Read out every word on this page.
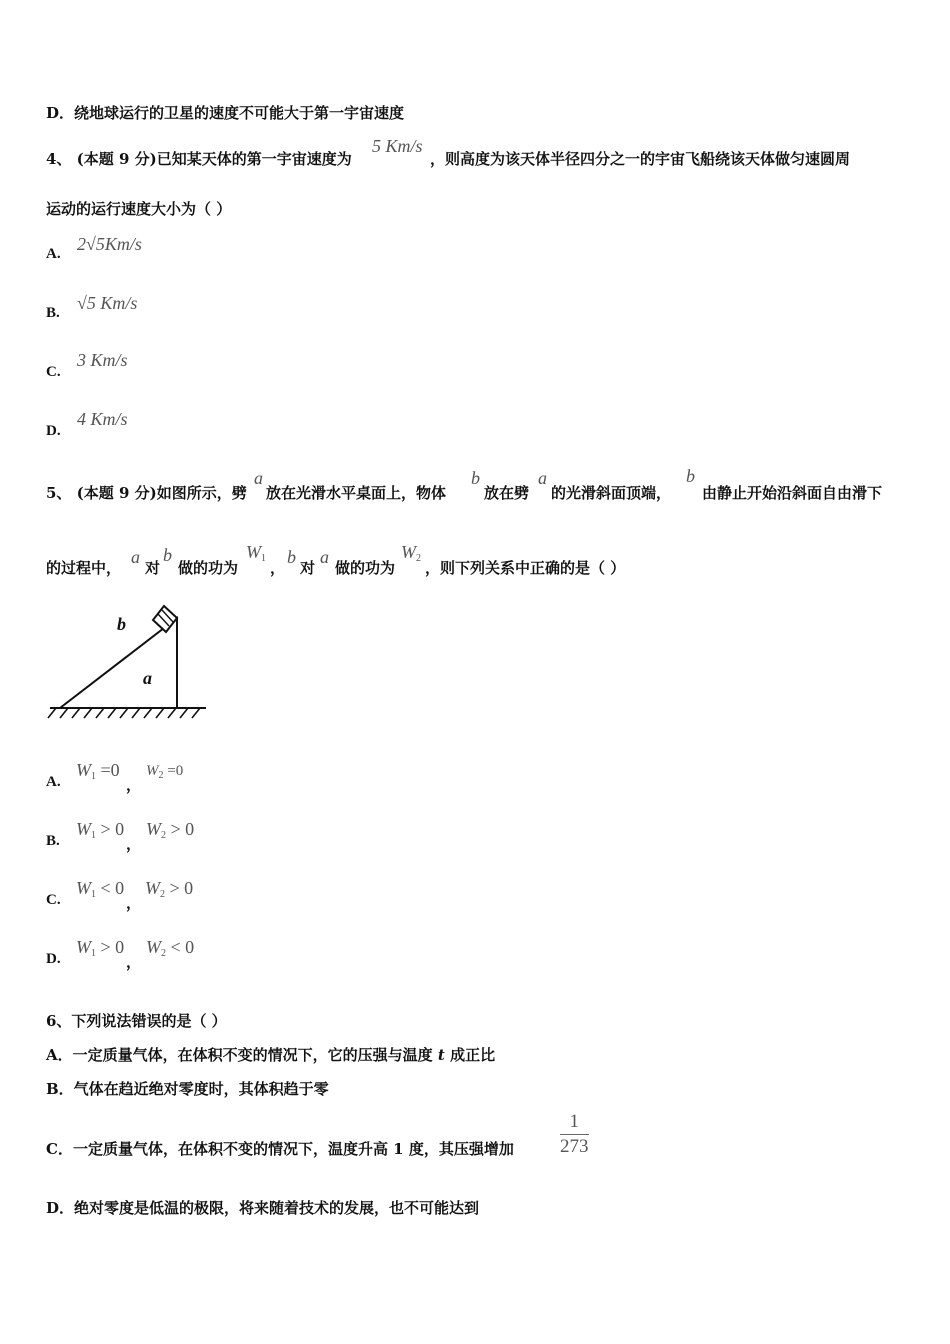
D．绕地球运行的卫星的速度不可能大于第一宇宙速度
4、 (本题 9 分)已知某天体的第一宇宙速度为
5 Km/s
，则高度为该天体半径四分之一的宇宙飞船绕该天体做匀速圆周
运动的运行速度大小为（ ）
A. 2√5Km/s
B. √5 Km/s
C.
3 Km/s
D.
4 Km/s
5、 (本题 9 分)如图所示，劈
a
放在光滑水平桌面上，物体
b
放在劈
a
的光滑斜面顶端，
b
由静止开始沿斜面自由滑下
的过程中，
a
对
b
做的功为
$W_1$
，
b
对
a
做的功为
$W_2$
，则下列关系中正确的是（ ）
b
a
A.
$W_1 =0$
，
$W_2 =0$
B.
$W_1 > 0$
，
$W_2 > 0$
C.
$W_1 < 0$
，
$W_2 > 0$
D.
$W_1 > 0$
，
$W_2 < 0$
6、下列说法错误的是（ ）
A．一定质量气体，在体积不变的情况下，它的压强与温度 t 成正比
B．气体在趋近绝对零度时，其体积趋于零
C．一定质量气体，在体积不变的情况下，温度升高 1 度，其压强增加 $\frac{1}{273}$
D．绝对零度是低温的极限，将来随着技术的发展，也不可能达到
